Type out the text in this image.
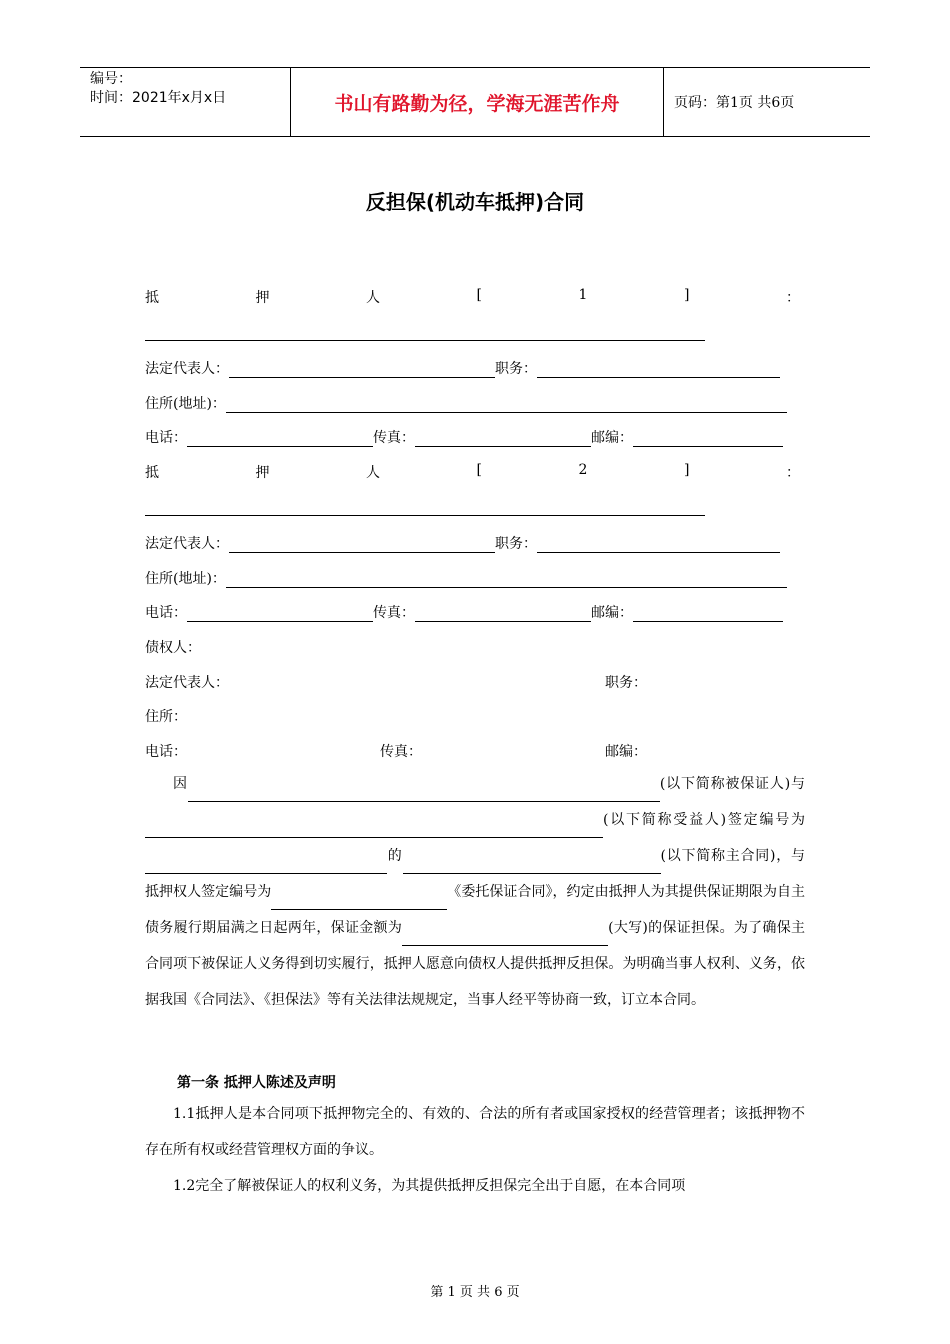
编号：
时间：2021年x月x日	书山有路勤为径，学海无涯苦作舟	页码：第1页 共6页
反担保(机动车抵押)合同
抵	押	人	[	1	]	：
法定代表人：	职务：
住所(地址)：
电话：	传真：	邮编：
抵	押	人	[	2	]	：
法定代表人：	职务：
住所(地址)：
电话：	传真：	邮编：
债权人：
法定代表人：	职务：
住所：
电话：	传真：	邮编：
因	(以下简称被保证人)与(以下简称受益人)签定编号为的	(以下简称主合同)，与抵押权人签定编号为	《委托保证合同》，约定由抵押人为其提供保证期限为自主债务履行期届满之日起两年，保证金额为	(大写)的保证担保。为了确保主合同项下被保证人义务得到切实履行，抵押人愿意向债权人提供抵押反担保。为明确当事人权利、义务，依据我国《合同法》、《担保法》等有关法律法规规定，当事人经平等协商一致，订立本合同。
第一条 抵押人陈述及声明
1.1抵押人是本合同项下抵押物完全的、有效的、合法的所有者或国家授权的经营管理者；该抵押物不存在所有权或经营管理权方面的争议。
1.2完全了解被保证人的权利义务，为其提供抵押反担保完全出于自愿，在本合同项
第 1 页 共 6 页
